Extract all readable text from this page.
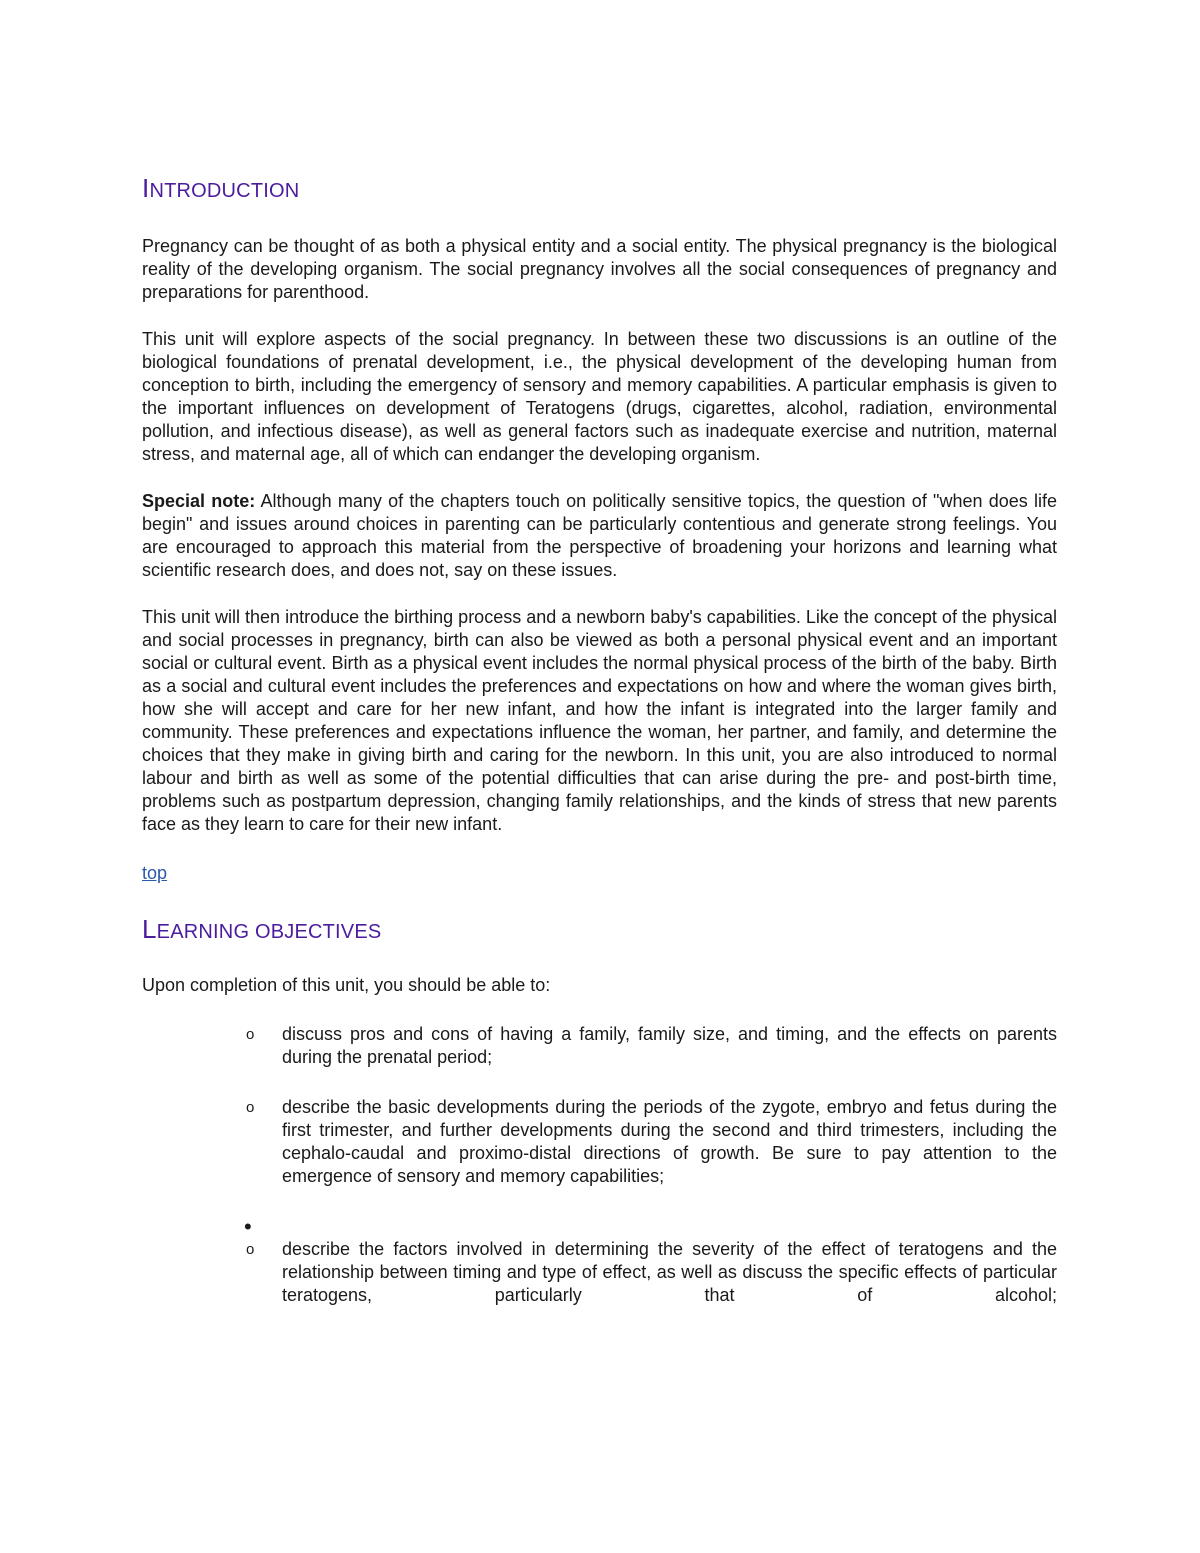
INTRODUCTION

Pregnancy can be thought of as both a physical entity and a social entity. The physical pregnancy is the biological reality of the developing organism. The social pregnancy involves all the social consequences of pregnancy and preparations for parenthood.

This unit will explore aspects of the social pregnancy. In between these two discussions is an outline of the biological foundations of prenatal development, i.e., the physical development of the developing human from conception to birth, including the emergency of sensory and memory capabilities. A particular emphasis is given to the important influences on development of Teratogens (drugs, cigarettes, alcohol, radiation, environmental pollution, and infectious disease), as well as general factors such as inadequate exercise and nutrition, maternal stress, and maternal age, all of which can endanger the developing organism.

Special note: Although many of the chapters touch on politically sensitive topics, the question of "when does life begin" and issues around choices in parenting can be particularly contentious and generate strong feelings. You are encouraged to approach this material from the perspective of broadening your horizons and learning what scientific research does, and does not, say on these issues.

This unit will then introduce the birthing process and a newborn baby's capabilities. Like the concept of the physical and social processes in pregnancy, birth can also be viewed as both a personal physical event and an important social or cultural event. Birth as a physical event includes the normal physical process of the birth of the baby. Birth as a social and cultural event includes the preferences and expectations on how and where the woman gives birth, how she will accept and care for her new infant, and how the infant is integrated into the larger family and community. These preferences and expectations influence the woman, her partner, and family, and determine the choices that they make in giving birth and caring for the newborn. In this unit, you are also introduced to normal labour and birth as well as some of the potential difficulties that can arise during the pre- and post-birth time, problems such as postpartum depression, changing family relationships, and the kinds of stress that new parents face as they learn to care for their new infant.

top
LEARNING OBJECTIVES

Upon completion of this unit, you should be able to:

o discuss pros and cons of having a family, family size, and timing, and the effects on parents during the prenatal period;
o describe the basic developments during the periods of the zygote, embryo and fetus during the first trimester, and further developments during the second and third trimesters, including the cephalo-caudal and proximo-distal directions of growth. Be sure to pay attention to the emergence of sensory and memory capabilities;
•
o describe the factors involved in determining the severity of the effect of teratogens and the relationship between timing and type of effect, as well as discuss the specific effects of particular teratogens, particularly that of alcohol;
